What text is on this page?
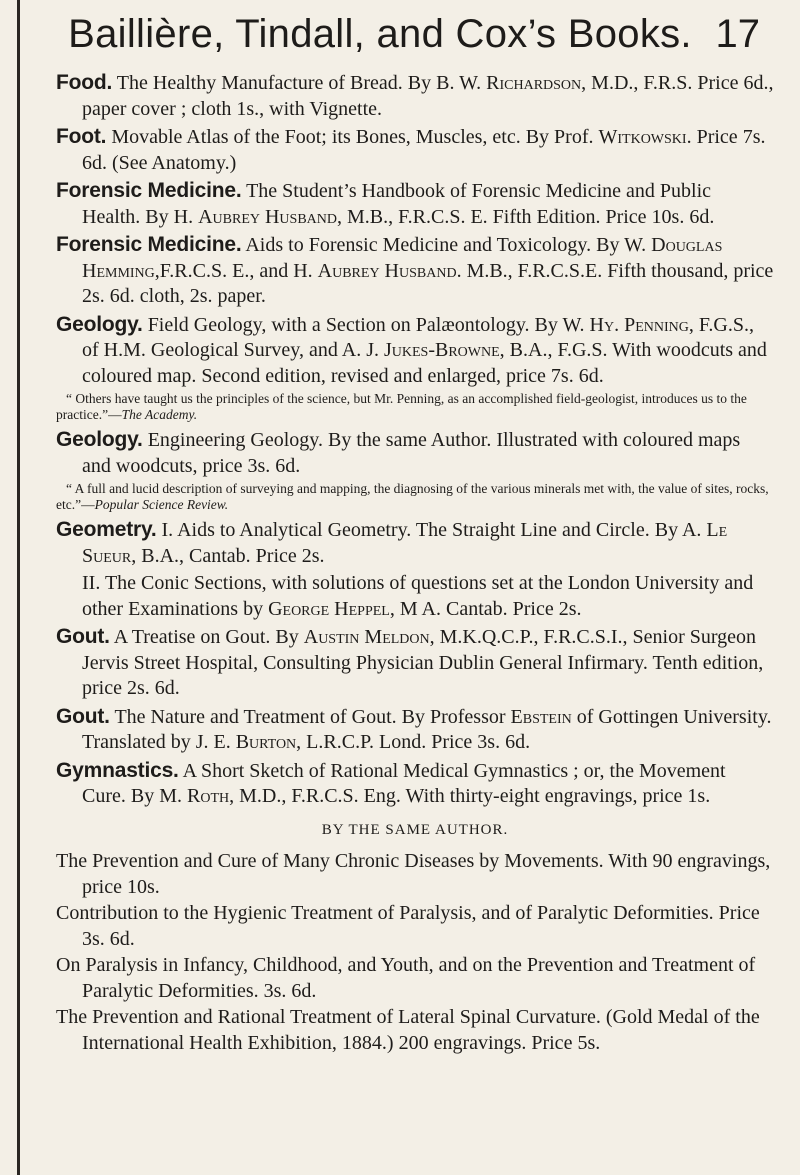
Baillière, Tindall, and Cox’s Books. 17

Food. The Healthy Manufacture of Bread. By B. W. Richardson, M.D., F.R.S. Price 6d., paper cover ; cloth 1s., with Vignette.

Foot. Movable Atlas of the Foot; its Bones, Muscles, etc. By Prof. Witkowski. Price 7s. 6d. (See Anatomy.)

Forensic Medicine. The Student’s Handbook of Forensic Medicine and Public Health. By H. Aubrey Husband, M.B., F.R.C.S. E. Fifth Edition. Price 10s. 6d.

Forensic Medicine. Aids to Forensic Medicine and Toxicology. By W. Douglas Hemming,F.R.C.S. E., and H. Aubrey Husband. M.B., F.R.C.S.E. Fifth thousand, price 2s. 6d. cloth, 2s. paper.

Geology. Field Geology, with a Section on Palæontology. By W. Hy. Penning, F.G.S., of H.M. Geological Survey, and A. J. Jukes-Browne, B.A., F.G.S. With woodcuts and coloured map. Second edition, revised and enlarged, price 7s. 6d.

“ Others have taught us the principles of the science, but Mr. Penning, as an accomplished field-geologist, introduces us to the practice.”—The Academy.

Geology. Engineering Geology. By the same Author. Illustrated with coloured maps and woodcuts, price 3s. 6d.

“ A full and lucid description of surveying and mapping, the diagnosing of the various minerals met with, the value of sites, rocks, etc.”—Popular Science Review.

Geometry. I. Aids to Analytical Geometry. The Straight Line and Circle. By A. Le Sueur, B.A., Cantab. Price 2s.

II. The Conic Sections, with solutions of questions set at the London University and other Examinations by George Heppel, M A. Cantab. Price 2s.

Gout. A Treatise on Gout. By Austin Meldon, M.K.Q.C.P., F.R.C.S.I., Senior Surgeon Jervis Street Hospital, Consulting Physician Dublin General Infirmary. Tenth edition, price 2s. 6d.

Gout. The Nature and Treatment of Gout. By Professor Ebstein of Gottingen University. Translated by J. E. Burton, L.R.C.P. Lond. Price 3s. 6d.

Gymnastics. A Short Sketch of Rational Medical Gymnastics ; or, the Movement Cure. By M. Roth, M.D., F.R.C.S. Eng. With thirty-eight engravings, price 1s.

BY THE SAME AUTHOR.

The Prevention and Cure of Many Chronic Diseases by Movements. With 90 engravings, price 10s.

Contribution to the Hygienic Treatment of Paralysis, and of Paralytic Deformities. Price 3s. 6d.

On Paralysis in Infancy, Childhood, and Youth, and on the Prevention and Treatment of Paralytic Deformities. 3s. 6d.

The Prevention and Rational Treatment of Lateral Spinal Curvature. (Gold Medal of the International Health Exhibition, 1884.) 200 engravings. Price 5s.
